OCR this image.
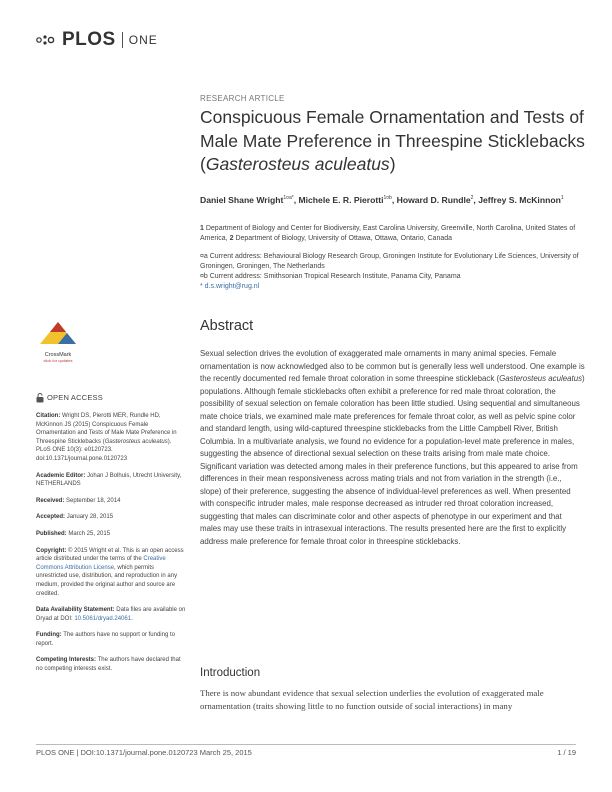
PLOS ONE
RESEARCH ARTICLE
Conspicuous Female Ornamentation and Tests of Male Mate Preference in Threespine Sticklebacks (Gasterosteus aculeatus)
Daniel Shane Wright$^{1¤a*}$, Michele E. R. Pierotti$^{1¤b}$, Howard D. Rundle$^2$, Jeffrey S. McKinnon$^1$
1 Department of Biology and Center for Biodiversity, East Carolina University, Greenville, North Carolina, United States of America, 2 Department of Biology, University of Ottawa, Ottawa, Ontario, Canada
¤a Current address: Behavioural Biology Research Group, Groningen Institute for Evolutionary Life Sciences, University of Groningen, Groningen, The Netherlands
¤b Current address: Smithsonian Tropical Research Institute, Panama City, Panama
* d.s.wright@rug.nl
CrossMark
click for updates
Abstract
Sexual selection drives the evolution of exaggerated male ornaments in many animal species. Female ornamentation is now acknowledged also to be common but is generally less well understood. One example is the recently documented red female throat coloration in some threespine stickleback (Gasterosteus aculeatus) populations. Although female sticklebacks often exhibit a preference for red male throat coloration, the possibility of sexual selection on female coloration has been little studied. Using sequential and simultaneous mate choice trials, we examined male mate preferences for female throat color, as well as pelvic spine color and standard length, using wild-captured threespine sticklebacks from the Little Campbell River, British Columbia. In a multivariate analysis, we found no evidence for a population-level mate preference in males, suggesting the absence of directional sexual selection on these traits arising from male mate choice. Significant variation was detected among males in their preference functions, but this appeared to arise from differences in their mean responsiveness across mating trials and not from variation in the strength (i.e., slope) of their preference, suggesting the absence of individual-level preferences as well. When presented with conspecific intruder males, male response decreased as intruder red throat coloration increased, suggesting that males can discriminate color and other aspects of phenotype in our experiment and that males may use these traits in intrasexual interactions. The results presented here are the first to explicitly address male preference for female throat color in threespine sticklebacks.
OPEN ACCESS
Citation: Wright DS, Pierotti MER, Rundle HD, McKinnon JS (2015) Conspicuous Female Ornamentation and Tests of Male Mate Preference in Threespine Sticklebacks (Gasterosteus aculeatus). PLoS ONE 10(3): e0120723. doi:10.1371/journal.pone.0120723
Academic Editor: Johan J Bolhuis, Utrecht University, NETHERLANDS
Received: September 18, 2014
Accepted: January 28, 2015
Published: March 25, 2015
Copyright: © 2015 Wright et al. This is an open access article distributed under the terms of the Creative Commons Attribution License, which permits unrestricted use, distribution, and reproduction in any medium, provided the original author and source are credited.
Data Availability Statement: Data files are available on Dryad at DOI: 10.5061/dryad.24061.
Funding: The authors have no support or funding to report.
Competing Interests: The authors have declared that no competing interests exist.	Introduction
There is now abundant evidence that sexual selection underlies the evolution of exaggerated male ornamentation (traits showing little to no function outside of social interactions) in many
PLOS ONE | DOI:10.1371/journal.pone.0120723 March 25, 2015	1 / 19
